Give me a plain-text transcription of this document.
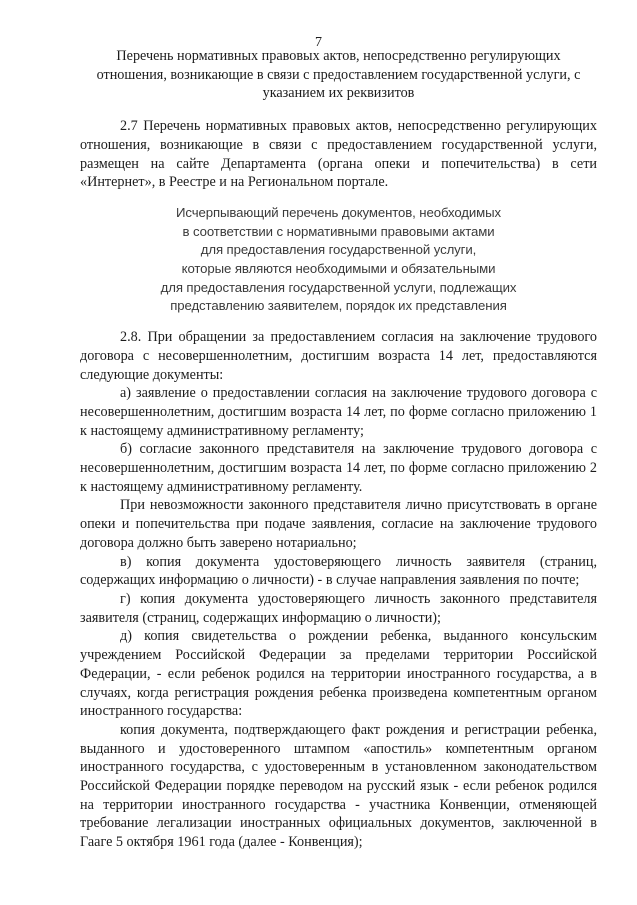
7

Перечень нормативных правовых актов, непосредственно регулирующих

отношения, возникающие в связи с предоставлением государственной услуги, с

указанием их реквизитов

2.7 Перечень нормативных правовых актов, непосредственно регулирующих отношения, возникающие в связи с предоставлением государственной услуги, размещен на сайте Департамента (органа опеки и попечительства) в сети «Интернет», в Реестре и на Региональном портале.

Исчерпывающий перечень документов, необходимых

в соответствии с нормативными правовыми актами

для предоставления государственной услуги,

которые являются необходимыми и обязательными

для предоставления государственной услуги, подлежащих

представлению заявителем, порядок их представления

2.8. При обращении за предоставлением согласия на заключение трудового договора с несовершеннолетним, достигшим возраста 14 лет, предоставляются следующие документы:

а) заявление о предоставлении согласия на заключение трудового договора с несовершеннолетним, достигшим возраста 14 лет, по форме согласно приложению 1 к настоящему административному регламенту;

б) согласие законного представителя на заключение трудового договора с несовершеннолетним, достигшим возраста 14 лет, по форме согласно приложению 2 к настоящему административному регламенту.

При невозможности законного представителя лично присутствовать в органе опеки и попечительства при подаче заявления, согласие на заключение трудового договора должно быть заверено нотариально;

в) копия документа удостоверяющего личность заявителя (страниц, содержащих информацию о личности) - в случае направления заявления по почте;

г) копия документа удостоверяющего личность законного представителя заявителя (страниц, содержащих информацию о личности);

д) копия свидетельства о рождении ребенка, выданного консульским учреждением Российской Федерации за пределами территории Российской Федерации, - если ребенок родился на территории иностранного государства, а в случаях, когда регистрация рождения ребенка произведена компетентным органом иностранного государства:

копия документа, подтверждающего факт рождения и регистрации ребенка, выданного и удостоверенного штампом «апостиль» компетентным органом иностранного государства, с удостоверенным в установленном законодательством Российской Федерации порядке переводом на русский язык - если ребенок родился на территории иностранного государства - участника Конвенции, отменяющей требование легализации иностранных официальных документов, заключенной в Гааге 5 октября 1961 года (далее - Конвенция);
